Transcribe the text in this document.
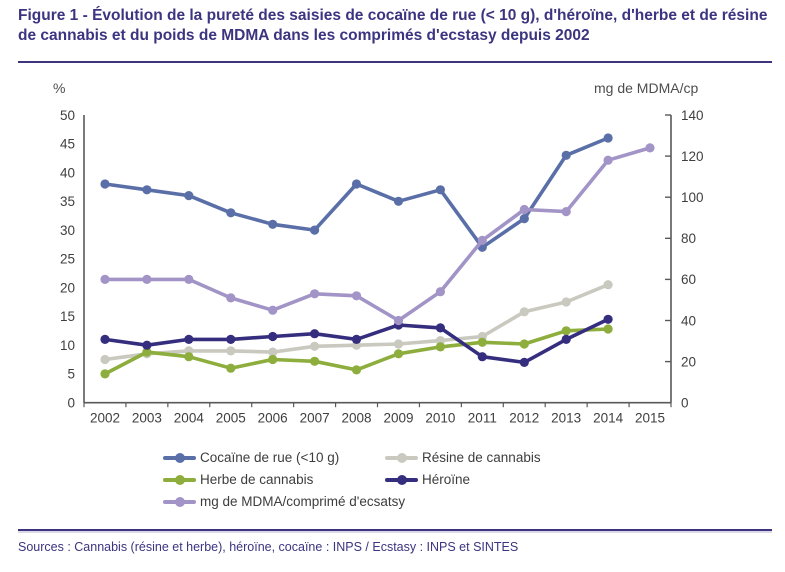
Figure 1 - Évolution de la pureté des saisies de cocaïne de rue (< 10 g), d'héroïne, d'herbe et de résine de cannabis et du poids de MDMA dans les comprimés d'ecstasy depuis 2002
%	mg de MDMA/cp
0
5
10
15
20
25
30
35
40
45
50
0
20
40
60
80
100
120
140
2002 2003 2004 2005 2006 2007 2008 2009 2010 2011 2012 2013 2014 2015
Cocaïne de rue (<10 g)	Résine de cannabis
Herbe de cannabis	Héroïne
mg de MDMA/comprimé d'ecsatsy
Sources : Cannabis (résine et herbe), héroïne, cocaïne : INPS / Ecstasy : INPS et SINTES
